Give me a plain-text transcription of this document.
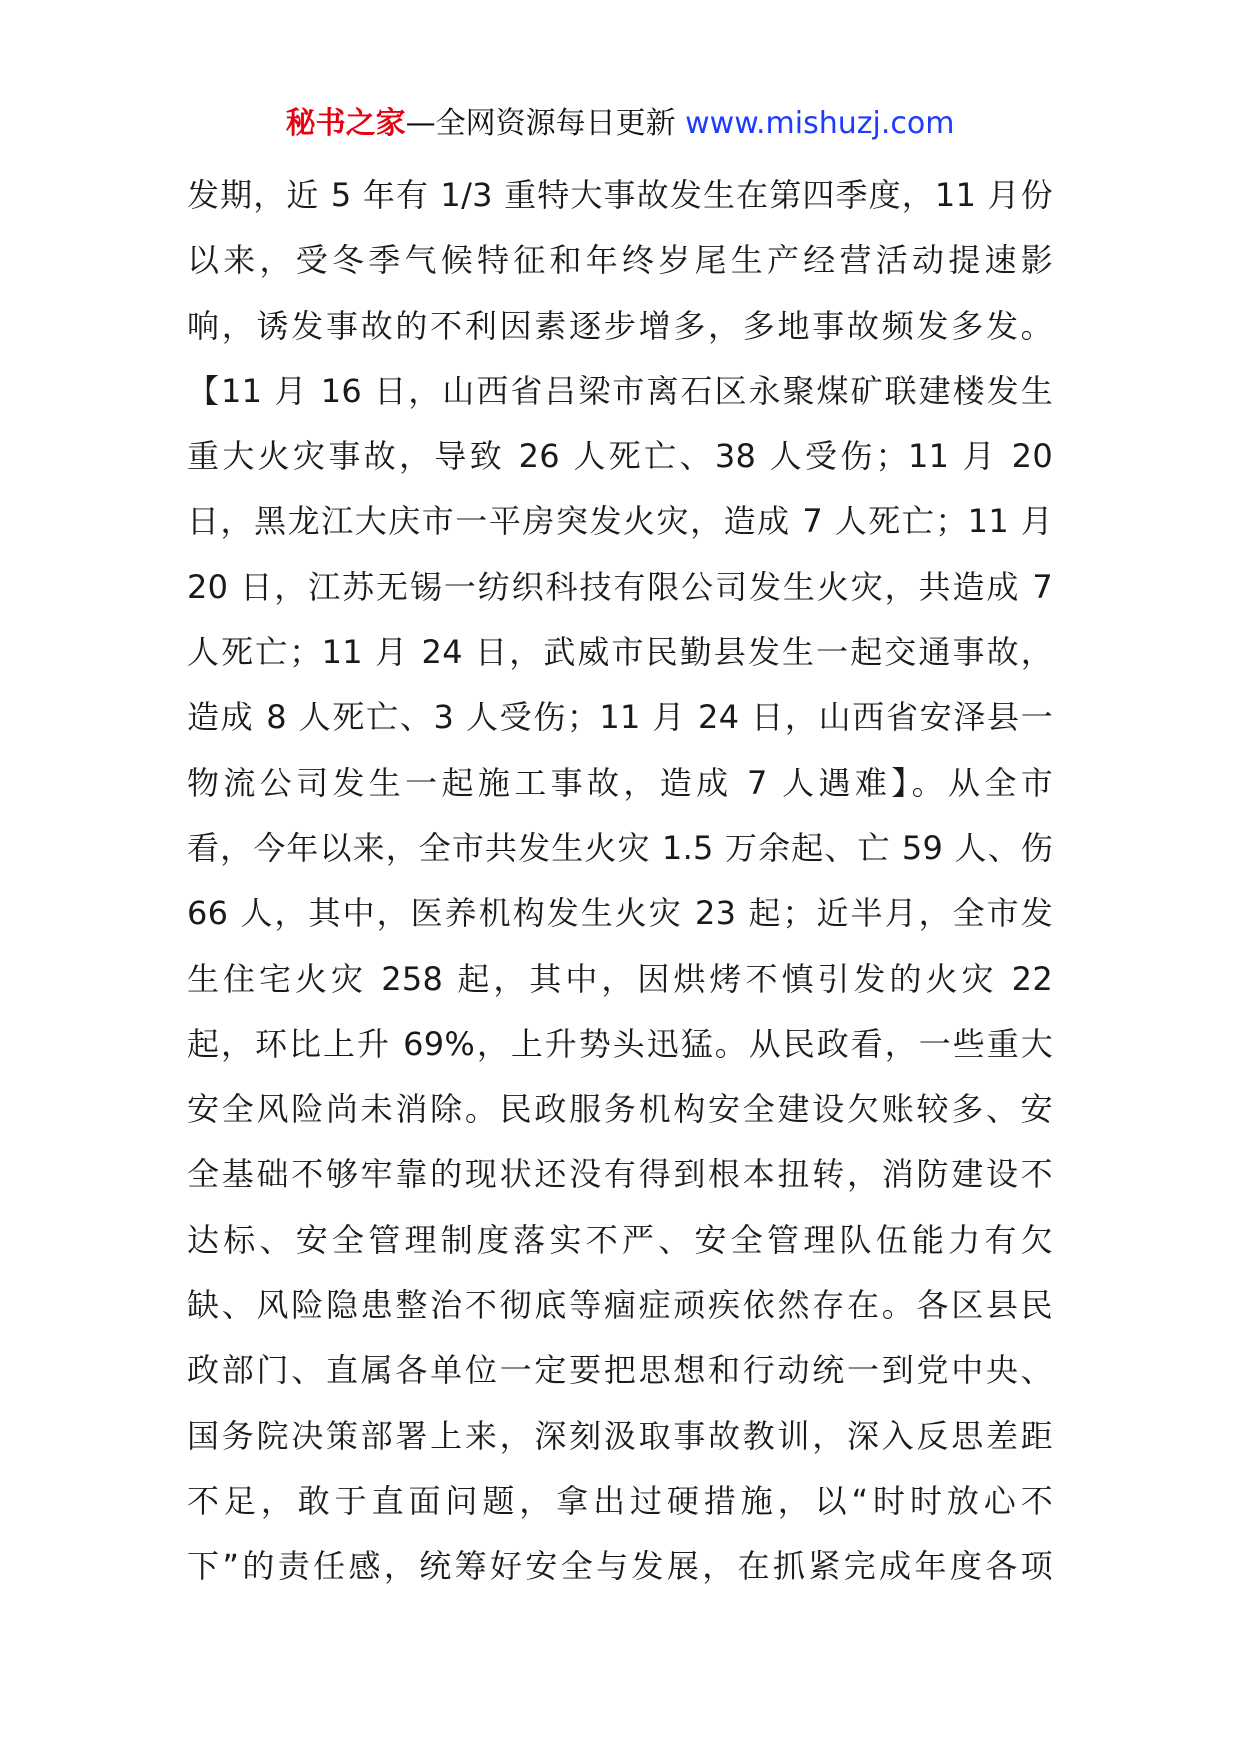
秘书之家—全网资源每日更新 www.mishuzj.com
发期，近 5 年有 1/3 重特大事故发生在第四季度，11 月份
以来，受冬季气候特征和年终岁尾生产经营活动提速影
响，诱发事故的不利因素逐步增多，多地事故频发多发。
【11 月 16 日，山西省吕梁市离石区永聚煤矿联建楼发生
重大火灾事故，导致 26 人死亡、38 人受伤；11 月 20
日，黑龙江大庆市一平房突发火灾，造成 7 人死亡；11 月
20 日，江苏无锡一纺织科技有限公司发生火灾，共造成 7
人死亡；11 月 24 日，武威市民勤县发生一起交通事故，
造成 8 人死亡、3 人受伤；11 月 24 日，山西省安泽县一
物流公司发生一起施工事故，造成 7 人遇难】。从全市
看，今年以来，全市共发生火灾 1.5 万余起、亡 59 人、伤
66 人，其中，医养机构发生火灾 23 起；近半月，全市发
生住宅火灾 258 起，其中，因烘烤不慎引发的火灾 22
起，环比上升 69%，上升势头迅猛。从民政看，一些重大
安全风险尚未消除。民政服务机构安全建设欠账较多、安
全基础不够牢靠的现状还没有得到根本扭转，消防建设不
达标、安全管理制度落实不严、安全管理队伍能力有欠
缺、风险隐患整治不彻底等痼症顽疾依然存在。各区县民
政部门、直属各单位一定要把思想和行动统一到党中央、
国务院决策部署上来，深刻汲取事故教训，深入反思差距
不足，敢于直面问题，拿出过硬措施，以“时时放心不
下”的责任感，统筹好安全与发展，在抓紧完成年度各项
